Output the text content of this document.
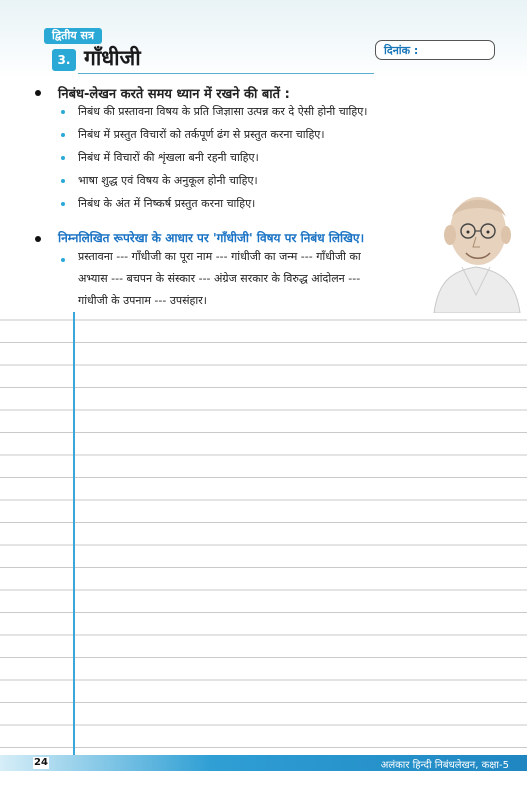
द्वितीय सत्र
3. गाँधीजी	दिनांक :
निबंध-लेखन करते समय ध्यान में रखने की बातें :
निबंध की प्रस्तावना विषय के प्रति जिज्ञासा उत्पन्न कर दे ऐसी होनी चाहिए।
निबंध में प्रस्तुत विचारों को तर्कपूर्ण ढंग से प्रस्तुत करना चाहिए।
निबंध में विचारों की शृंखला बनी रहनी चाहिए।
भाषा शुद्ध एवं विषय के अनुकूल होनी चाहिए।
निबंध के अंत में निष्कर्ष प्रस्तुत करना चाहिए।
निम्नलिखित रूपरेखा के आधार पर 'गाँधीजी' विषय पर निबंध लिखिए।
प्रस्तावना --- गाँधीजी का पूरा नाम --- गांधीजी का जन्म --- गाँधीजी का
अभ्यास --- बचपन के संस्कार --- अंग्रेज सरकार के विरुद्ध आंदोलन ---
गांधीजी के उपनाम --- उपसंहार।
24	अलंकार हिन्दी निबंधलेखन, कक्षा-5
